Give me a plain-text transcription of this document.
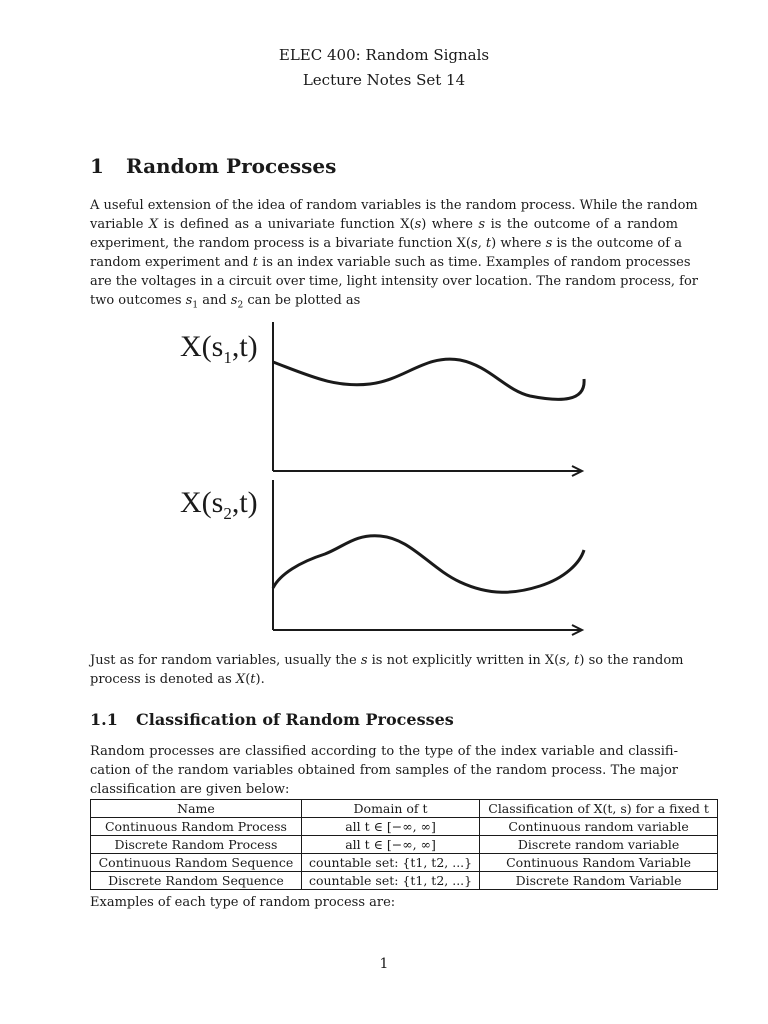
ELEC 400: Random Signals
Lecture Notes Set 14
1 Random Processes
A useful extension of the idea of random variables is the random process. While the random
variable X is defined as a univariate function X(s) where s is the outcome of a random
experiment, the random process is a bivariate function X(s, t) where s is the outcome of a
random experiment and t is an index variable such as time. Examples of random processes
are the voltages in a circuit over time, light intensity over location. The random process, for
two outcomes $s_1$ and $s_2$ can be plotted as
$X(s_1,t)$
$X(s_2,t)$
Just as for random variables, usually the s is not explicitly written in X(s, t) so the random
process is denoted as X(t).
1.1 Classification of Random Processes
Random processes are classified according to the type of the index variable and classifi-
cation of the random variables obtained from samples of the random process. The major
classification are given below:
Name	Domain of t	Classification of X(t, s) for a fixed t
Continuous Random Process	all t ∈ [−∞, ∞]	Continuous random variable
Discrete Random Process	all t ∈ [−∞, ∞]	Discrete random variable
Continuous Random Sequence	countable set: {t1, t2, ...}	Continuous Random Variable
Discrete Random Sequence	countable set: {t1, t2, ...}	Discrete Random Variable
Examples of each type of random process are:
1
